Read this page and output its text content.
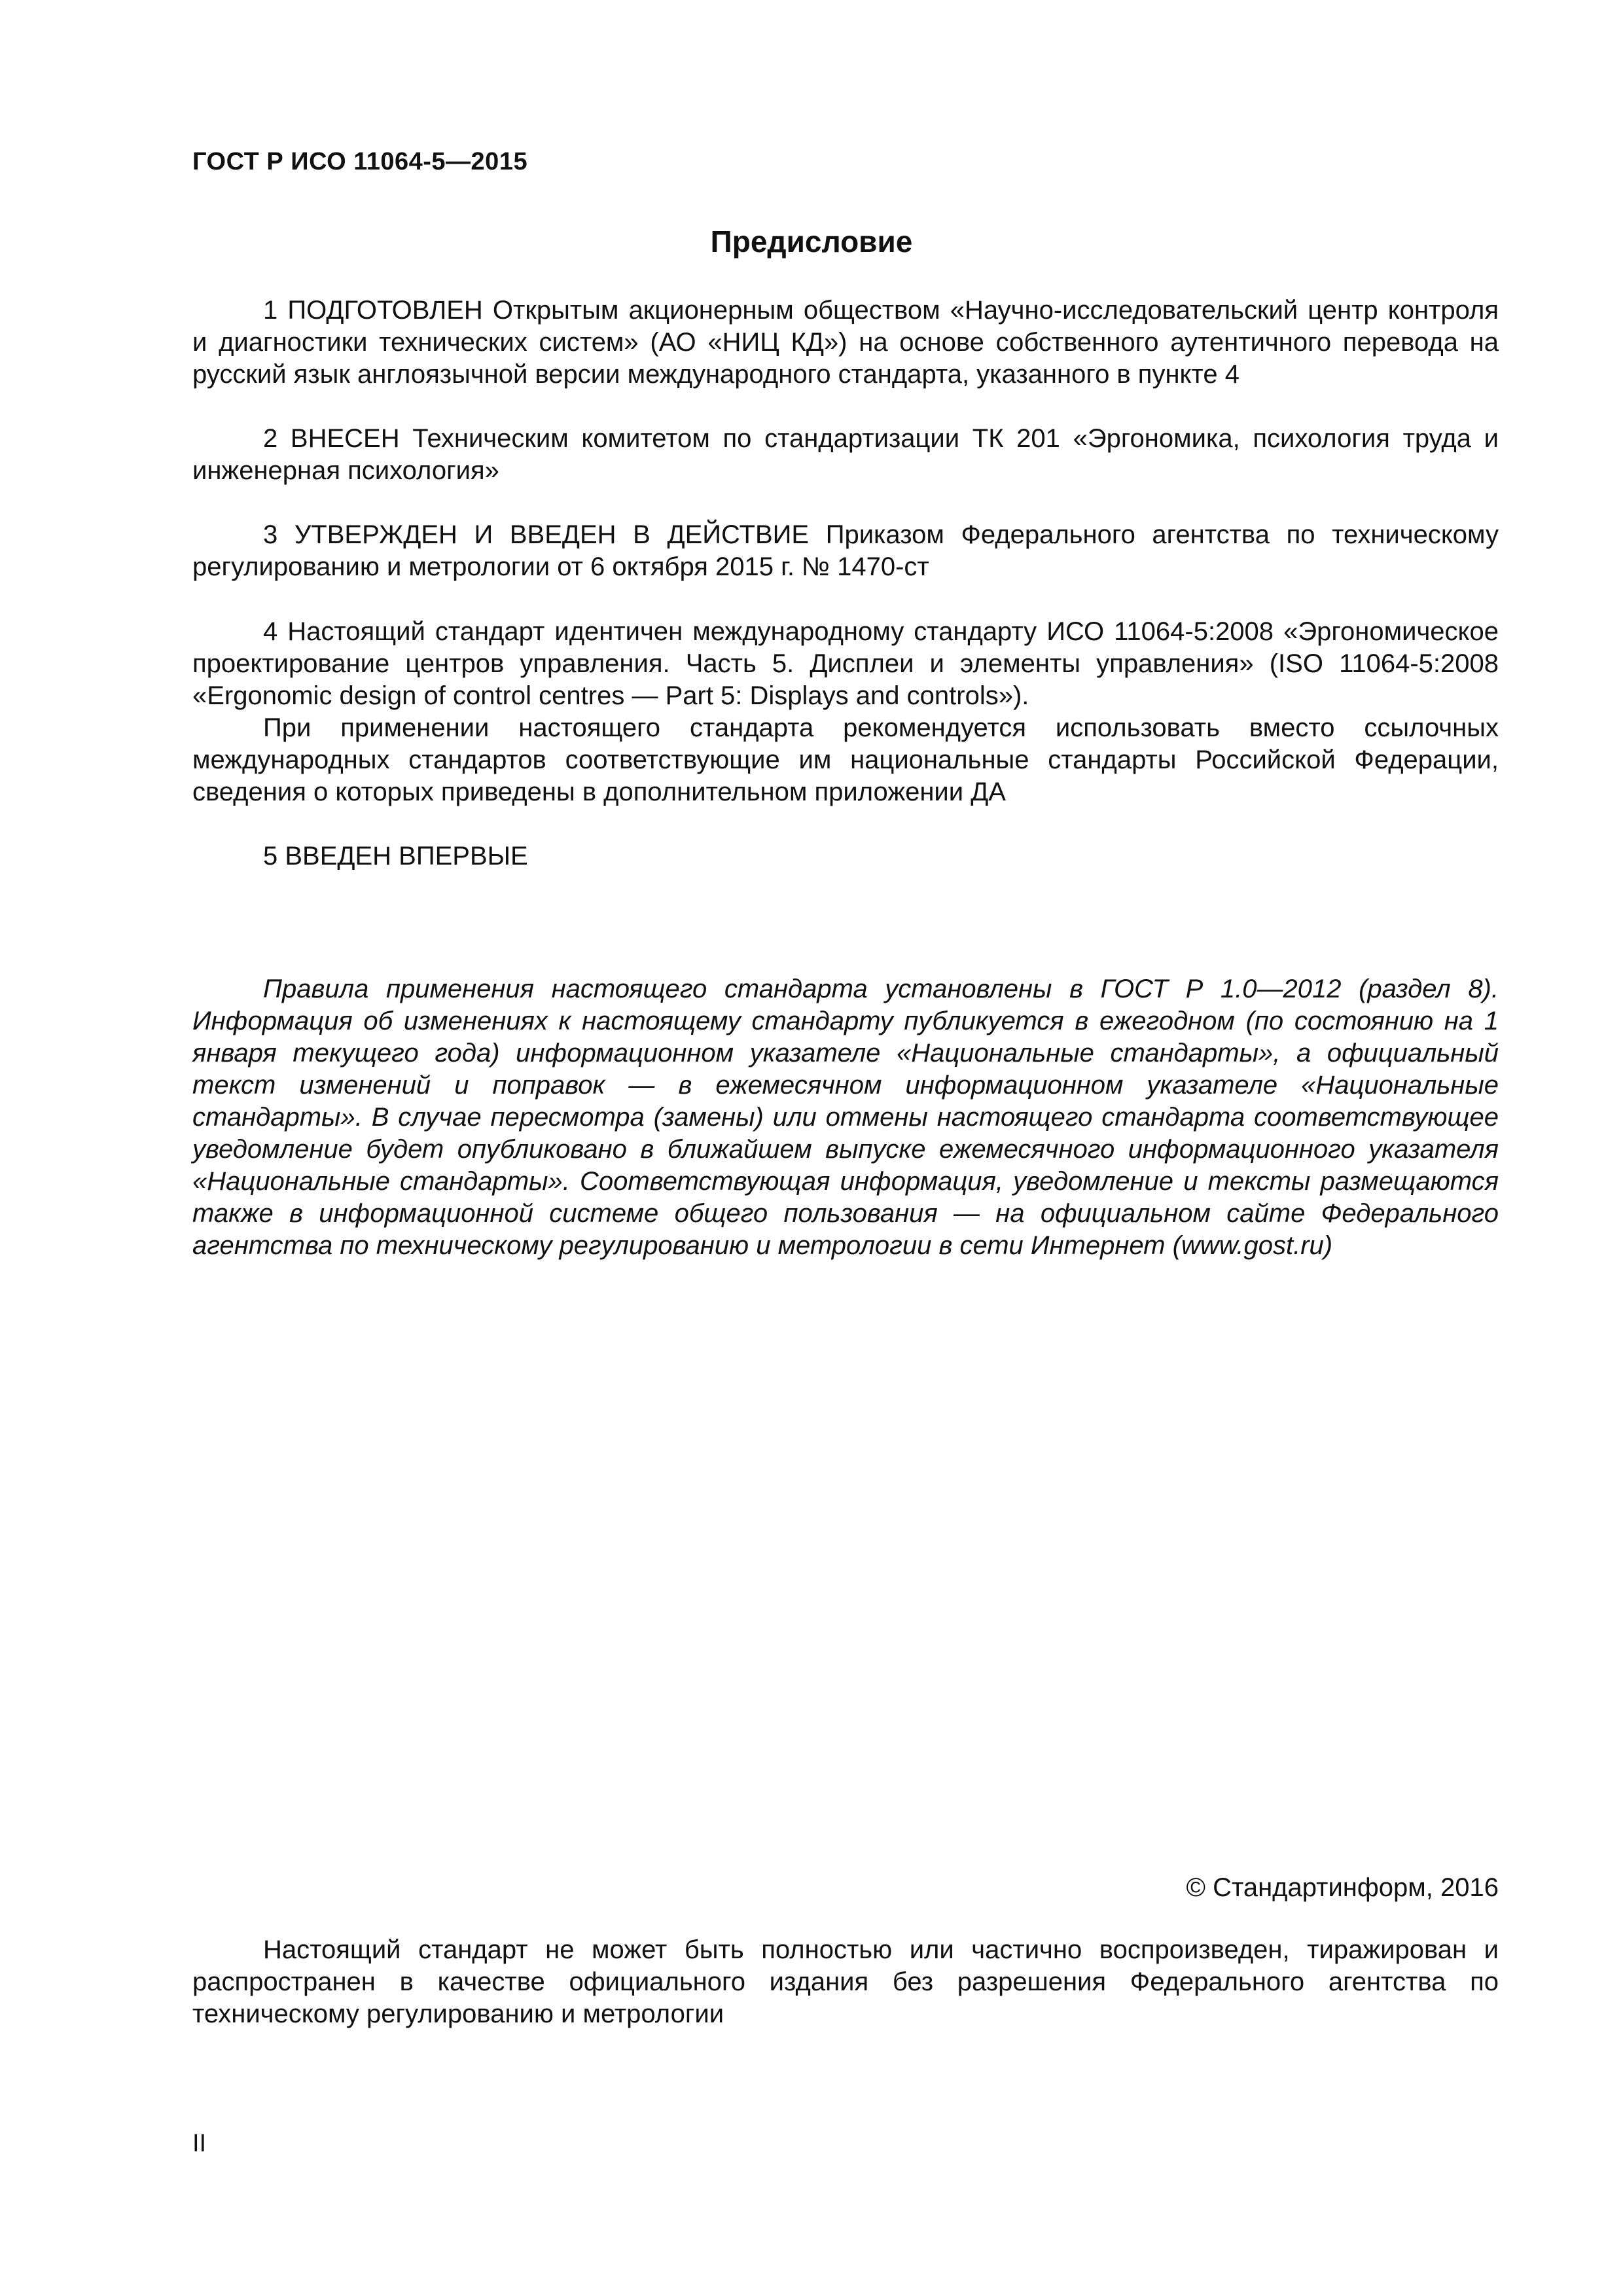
ГОСТ Р ИСО 11064-5—2015
Предисловие

1 ПОДГОТОВЛЕН Открытым акционерным обществом «Научно-исследовательский центр контроля и диагностики технических систем» (АО «НИЦ КД») на основе собственного аутентичного перевода на русский язык англоязычной версии международного стандарта, указанного в пункте 4

2 ВНЕСЕН Техническим комитетом по стандартизации ТК 201 «Эргономика, психология труда и инженерная психология»

3 УТВЕРЖДЕН И ВВЕДЕН В ДЕЙСТВИЕ Приказом Федерального агентства по техническому регулированию и метрологии от 6 октября 2015 г. № 1470-ст

4 Настоящий стандарт идентичен международному стандарту ИСО 11064-5:2008 «Эргономическое проектирование центров управления. Часть 5. Дисплеи и элементы управления» (ISO 11064-5:2008 «Ergonomic design of control centres — Part 5: Displays and controls»).

При применении настоящего стандарта рекомендуется использовать вместо ссылочных международных стандартов соответствующие им национальные стандарты Российской Федерации, сведения о которых приведены в дополнительном приложении ДА

5 ВВЕДЕН ВПЕРВЫЕ

Правила применения настоящего стандарта установлены в ГОСТ Р 1.0—2012 (раздел 8). Информация об изменениях к настоящему стандарту публикуется в ежегодном (по состоянию на 1 января текущего года) информационном указателе «Национальные стандарты», а официальный текст изменений и поправок — в ежемесячном информационном указателе «Национальные стандарты». В случае пересмотра (замены) или отмены настоящего стандарта соответствующее уведомление будет опубликовано в ближайшем выпуске ежемесячного информационного указателя «Национальные стандарты». Соответствующая информация, уведомление и тексты размещаются также в информационной системе общего пользования — на официальном сайте Федерального агентства по техническому регулированию и метрологии в сети Интернет (www.gost.ru)

© Стандартинформ, 2016

Настоящий стандарт не может быть полностью или частично воспроизведен, тиражирован и распространен в качестве официального издания без разрешения Федерального агентства по техническому регулированию и метрологии

II
